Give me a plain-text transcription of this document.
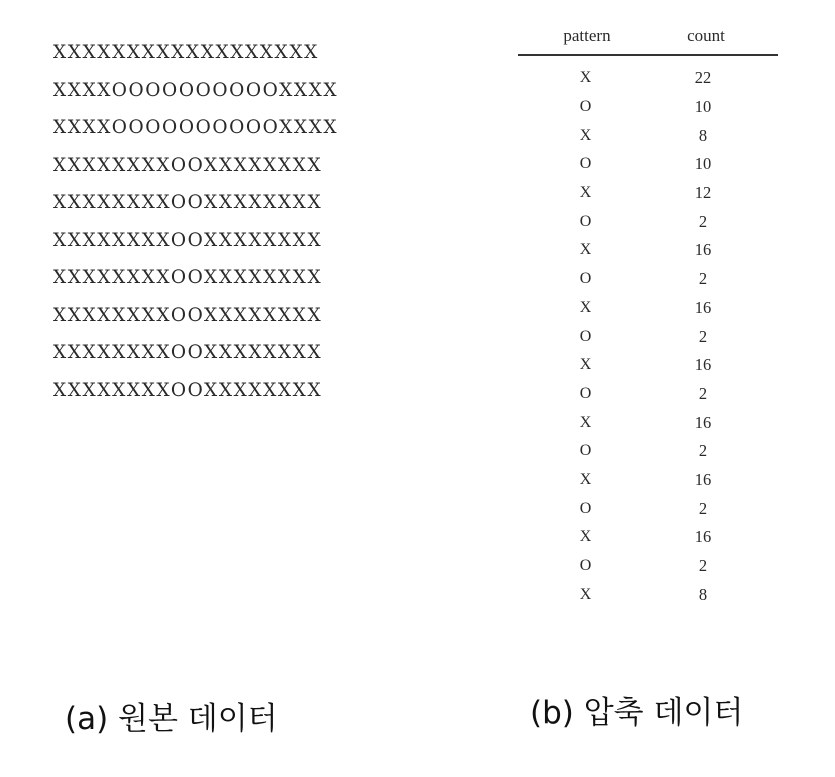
XXXXXXXXXXXXXXXXXX
XXXXOOOOOOOOOOXXXX
XXXXOOOOOOOOOOXXXX
XXXXXXXXOOXXXXXXXX
XXXXXXXXOOXXXXXXXX
XXXXXXXXOOXXXXXXXX
XXXXXXXXOOXXXXXXXX
XXXXXXXXOOXXXXXXXX
XXXXXXXXOOXXXXXXXX
XXXXXXXXOOXXXXXXXX
pattern	count
X	22
O	10
X	8
O	10
X	12
O	2
X	16
O	2
X	16
O	2
X	16
O	2
X	16
O	2
X	16
O	2
X	16
O	2
X	8
(a) 원본 데이터	(b) 압축 데이터
